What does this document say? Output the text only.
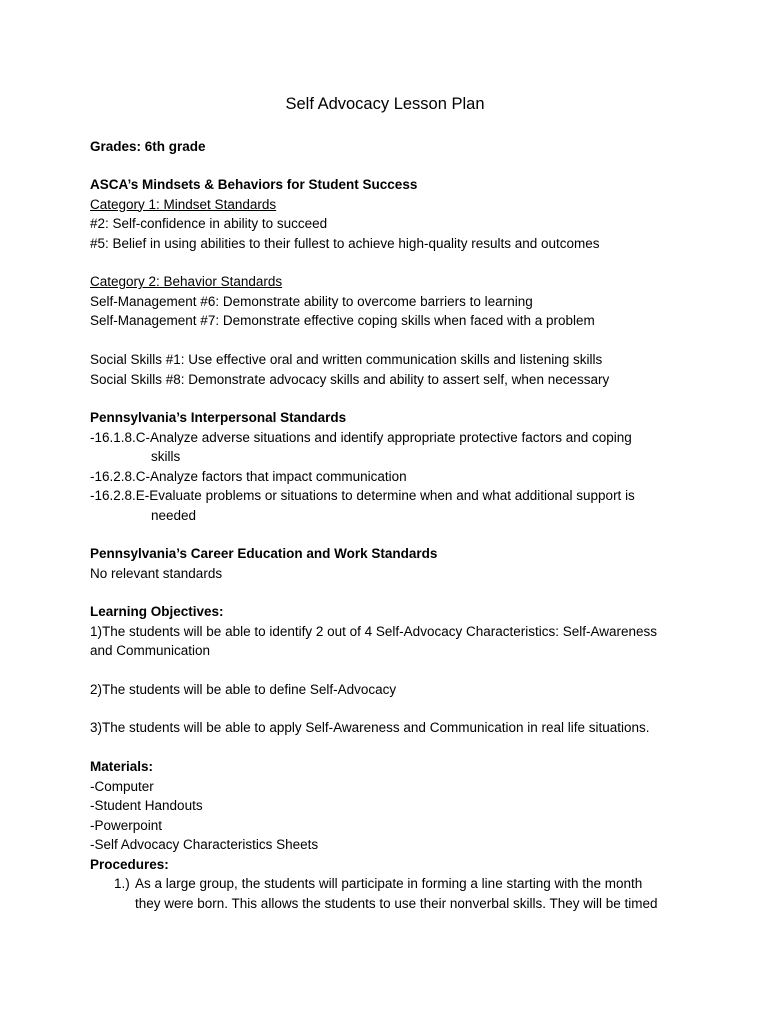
Self Advocacy Lesson Plan

Grades: 6th grade

ASCA’s Mindsets & Behaviors for Student Success

Category 1: Mindset Standards

#2: Self-confidence in ability to succeed

#5: Belief in using abilities to their fullest to achieve high-quality results and outcomes

Category 2: Behavior Standards

Self-Management #6: Demonstrate ability to overcome barriers to learning

Self-Management #7: Demonstrate effective coping skills when faced with a problem

Social Skills #1: Use effective oral and written communication skills and listening skills

Social Skills #8: Demonstrate advocacy skills and ability to assert self, when necessary

Pennsylvania’s Interpersonal Standards

-16.1.8.C-Analyze adverse situations and identify appropriate protective factors and coping

skills

-16.2.8.C-Analyze factors that impact communication

-16.2.8.E-Evaluate problems or situations to determine when and what additional support is

needed

Pennsylvania’s Career Education and Work Standards

No relevant standards

Learning Objectives:

1)The students will be able to identify 2 out of 4 Self-Advocacy Characteristics: Self-Awareness

and Communication

2)The students will be able to define Self-Advocacy

3)The students will be able to apply Self-Awareness and Communication in real life situations.

Materials:

-Computer

-Student Handouts

-Powerpoint

-Self Advocacy Characteristics Sheets

Procedures:

1.) As a large group, the students will participate in forming a line starting with the month

they were born. This allows the students to use their nonverbal skills. They will be timed
